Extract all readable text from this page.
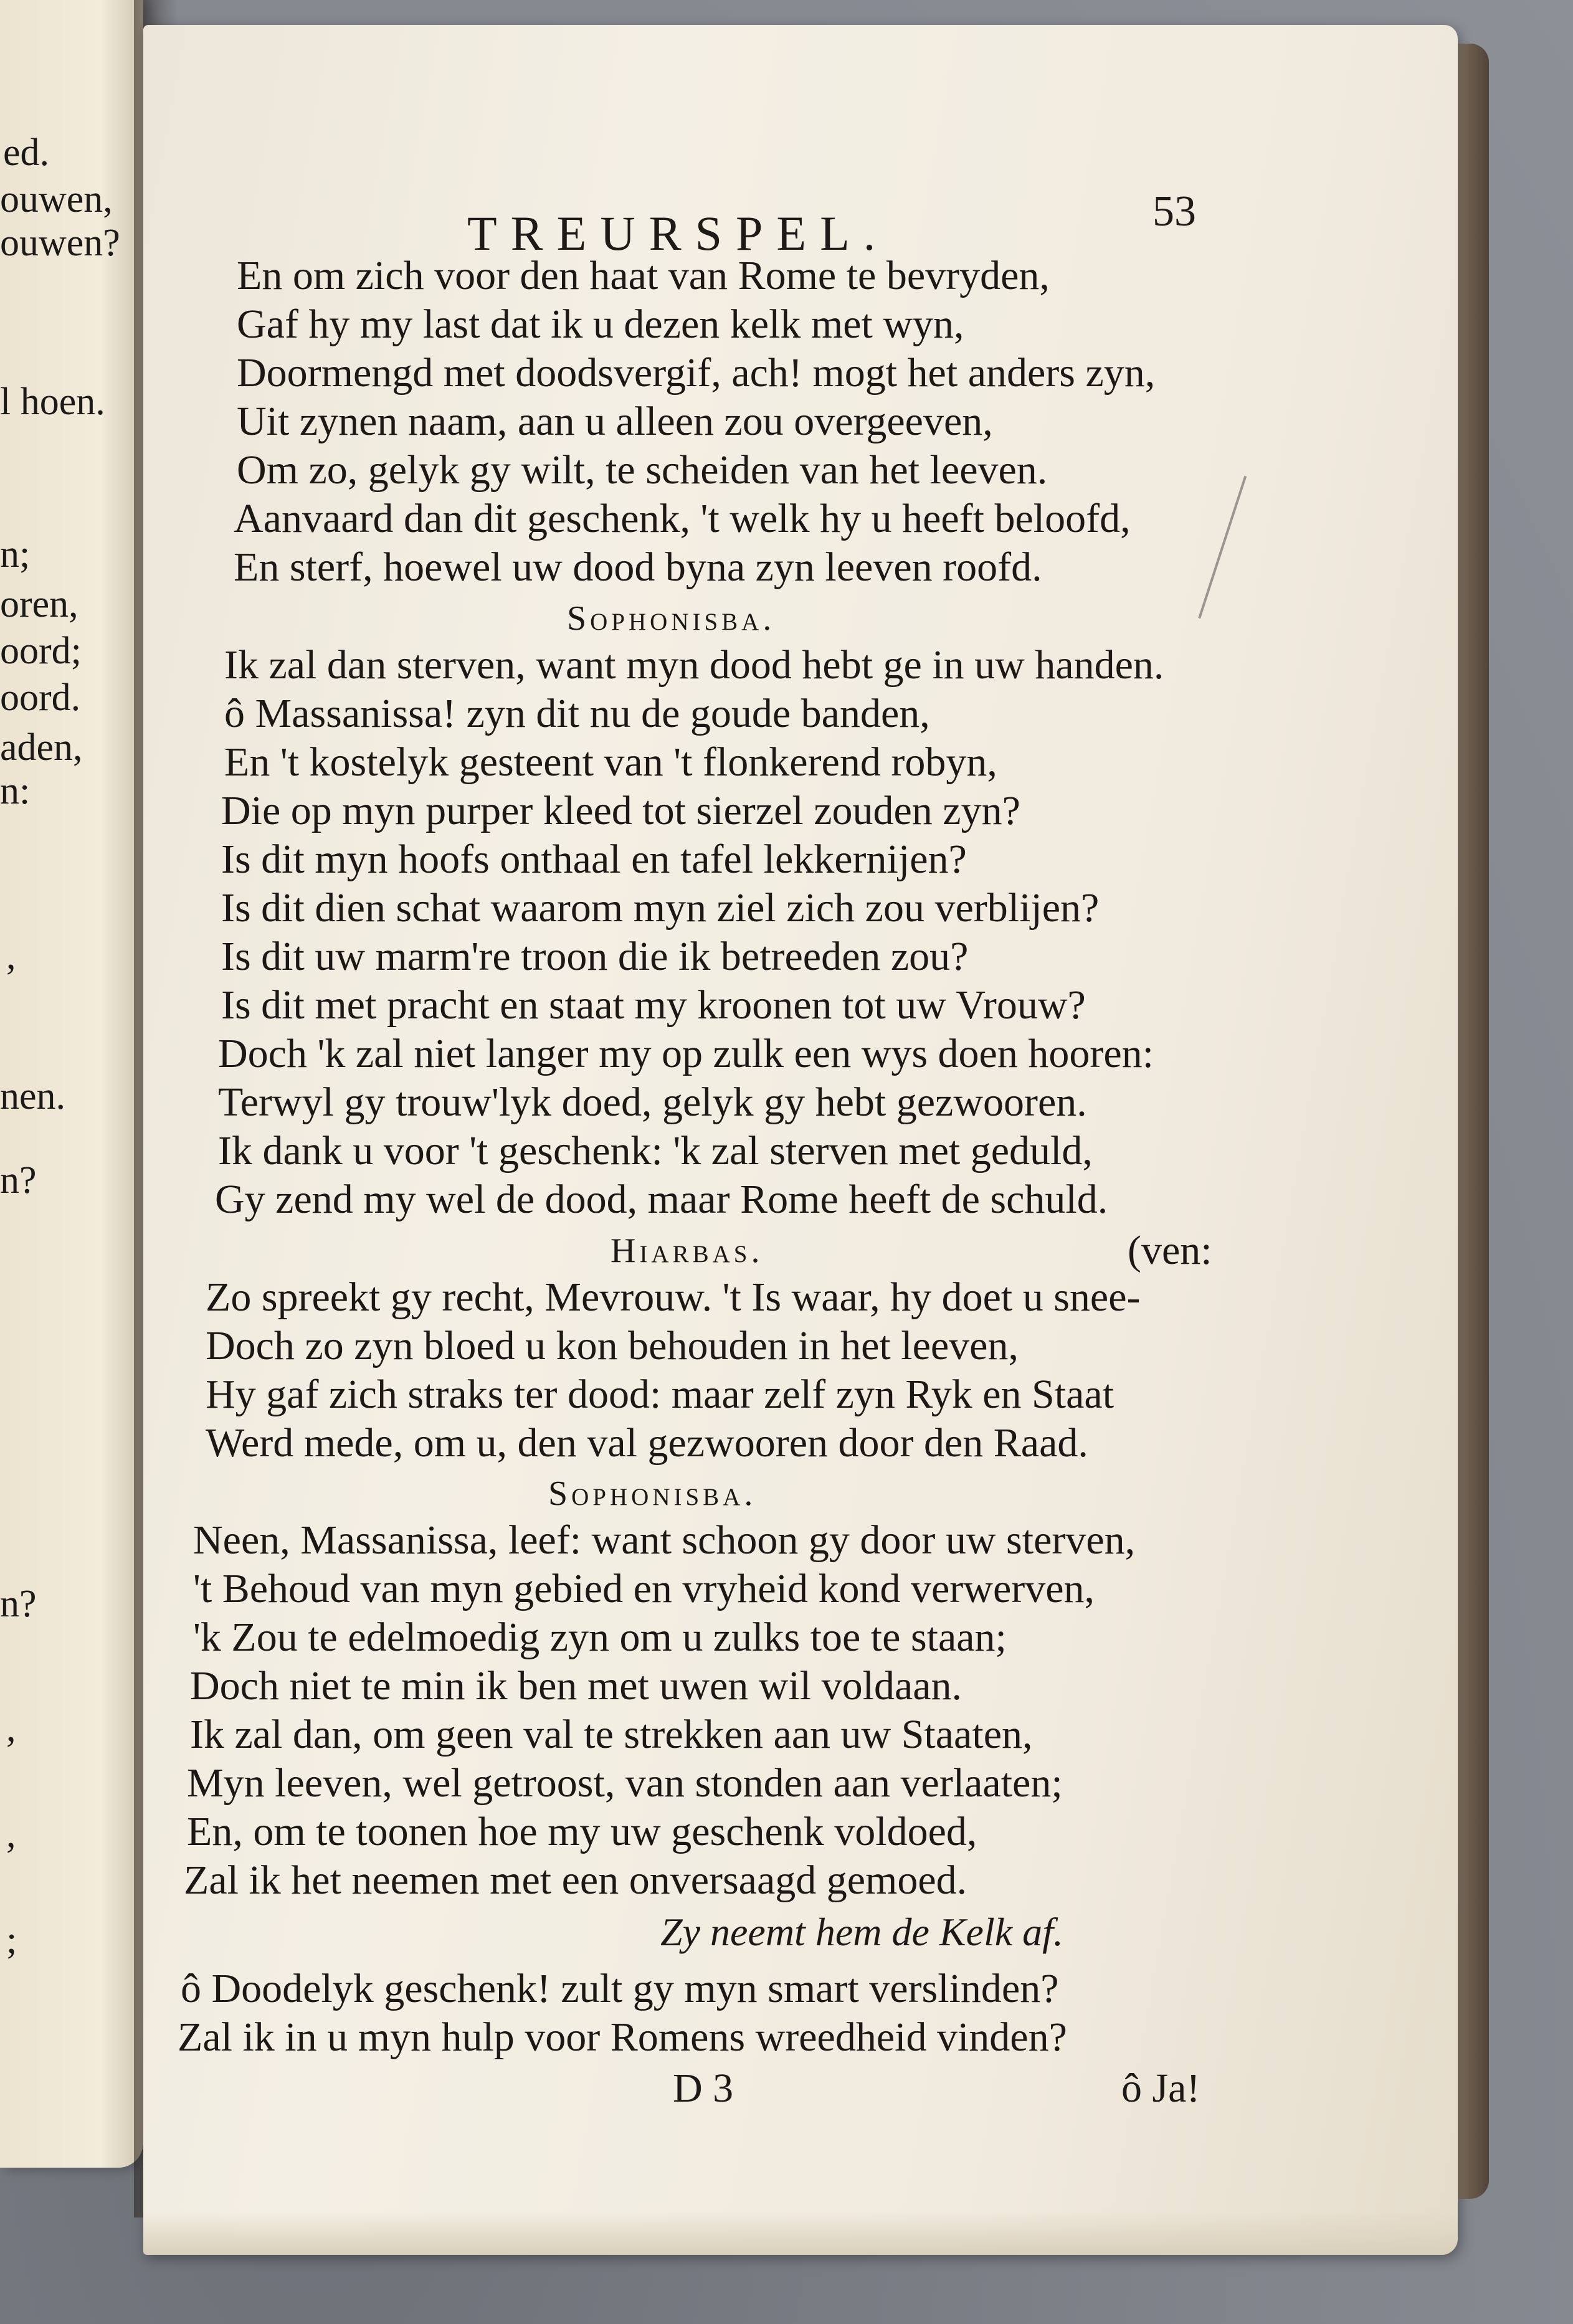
ed.
ouwen,
ouwen?
l hoen.
n;
oren,
oord;
oord.
aden,
n:
,
nen.
n?
n?
,
,
;
TREURSPEL.	53
En om zich voor den haat van Rome te bevryden,
Gaf hy my last dat ik u dezen kelk met wyn,
Doormengd met doodsvergif, ach! mogt het anders zyn,
Uit zynen naam, aan u alleen zou overgeeven,
Om zo, gelyk gy wilt, te scheiden van het leeven.
Aanvaard dan dit geschenk, 't welk hy u heeft beloofd,
En sterf, hoewel uw dood byna zyn leeven roofd.
Sophonisba.
Ik zal dan sterven, want myn dood hebt ge in uw handen.
ô Massanissa! zyn dit nu de goude banden,
En 't kostelyk gesteent van 't flonkerend robyn,
Die op myn purper kleed tot sierzel zouden zyn?
Is dit myn hoofs onthaal en tafel lekkernijen?
Is dit dien schat waarom myn ziel zich zou verblijen?
Is dit uw marm're troon die ik betreeden zou?
Is dit met pracht en staat my kroonen tot uw Vrouw?
Doch 'k zal niet langer my op zulk een wys doen hooren:
Terwyl gy trouw'lyk doed, gelyk gy hebt gezwooren.
Ik dank u voor 't geschenk: 'k zal sterven met geduld,
Gy zend my wel de dood, maar Rome heeft de schuld.
Hiarbas.	(ven:
Zo spreekt gy recht, Mevrouw. 't Is waar, hy doet u snee-
Doch zo zyn bloed u kon behouden in het leeven,
Hy gaf zich straks ter dood: maar zelf zyn Ryk en Staat
Werd mede, om u, den val gezwooren door den Raad.
Sophonisba.
Neen, Massanissa, leef: want schoon gy door uw sterven,
't Behoud van myn gebied en vryheid kond verwerven,
'k Zou te edelmoedig zyn om u zulks toe te staan;
Doch niet te min ik ben met uwen wil voldaan.
Ik zal dan, om geen val te strekken aan uw Staaten,
Myn leeven, wel getroost, van stonden aan verlaaten;
En, om te toonen hoe my uw geschenk voldoed,
Zal ik het neemen met een onversaagd gemoed.
Zy neemt hem de Kelk af.
ô Doodelyk geschenk! zult gy myn smart verslinden?
Zal ik in u myn hulp voor Romens wreedheid vinden?
D 3	ô Ja!
